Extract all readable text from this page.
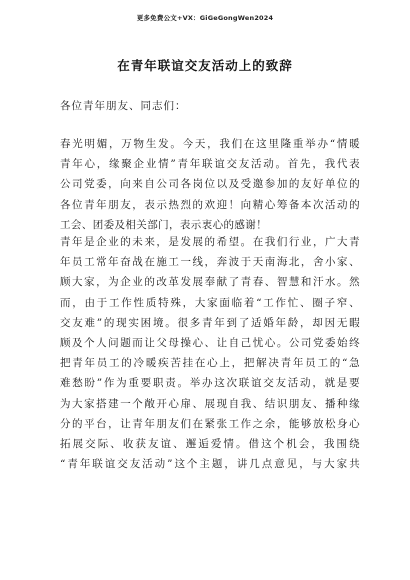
更多免费公文+VX：GiGeGongWen2024
在青年联谊交友活动上的致辞
各位青年朋友、同志们：
春光明媚，万物生发。今天，我们在这里隆重举办“情暖
青年心，缘聚企业情”青年联谊交友活动。首先，我代表
公司党委，向来自公司各岗位以及受邀参加的友好单位的
各位青年朋友，表示热烈的欢迎！向精心筹备本次活动的
工会、团委及相关部门，表示衷心的感谢！
青年是企业的未来，是发展的希望。在我们行业，广大青
年员工常年奋战在施工一线，奔波于天南海北，舍小家、
顾大家，为企业的改革发展奉献了青春、智慧和汗水。然
而，由于工作性质特殊，大家面临着“工作忙、圈子窄、
交友难”的现实困境。很多青年到了适婚年龄，却因无暇
顾及个人问题而让父母操心、让自己忧心。公司党委始终
把青年员工的冷暖疾苦挂在心上，把解决青年员工的“急
难愁盼”作为重要职责。举办这次联谊交友活动，就是要
为大家搭建一个敞开心扉、展现自我、结识朋友、播种缘
分的平台，让青年朋友们在紧张工作之余，能够放松身心
拓展交际、收获友谊、邂逅爱情。借这个机会，我围绕
“青年联谊交友活动”这个主题，讲几点意见，与大家共
